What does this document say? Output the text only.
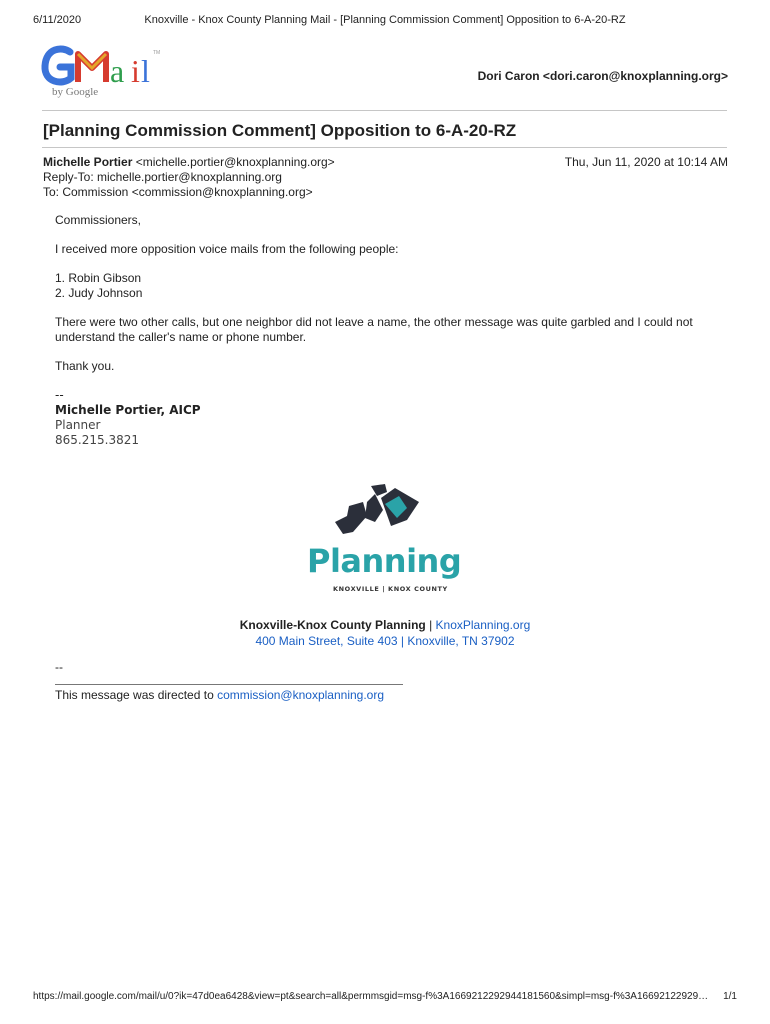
Knoxville - Knox County Planning Mail - [Planning Commission Comment] Opposition to 6-A-20-RZ
6/11/2020
a i l TM
by Google
Dori Caron <dori.caron@knoxplanning.org>
[Planning Commission Comment] Opposition to 6-A-20-RZ
Michelle Portier <michelle.portier@knoxplanning.org>
Reply-To: michelle.portier@knoxplanning.org
To: Commission <commission@knoxplanning.org>
Thu, Jun 11, 2020 at 10:14 AM

Commissioners,

I received more opposition voice mails from the following people:

1. Robin Gibson
2. Judy Johnson

There were two other calls, but one neighbor did not leave a name, the other message was quite garbled and I could not understand the caller's name or phone number.

Thank you.

--
Michelle Portier, AICP
Planner
865.215.3821
Planning
KNOXVILLE | KNOX COUNTY
Knoxville-Knox County Planning | KnoxPlanning.org
400 Main Street, Suite 403 | Knoxville, TN 37902
--
This message was directed to commission@knoxplanning.org
https://mail.google.com/mail/u/0?ik=47d0ea6428&view=pt&search=all&permmsgid=msg-f%3A1669212292944181560&simpl=msg-f%3A16692122929…	1/1
